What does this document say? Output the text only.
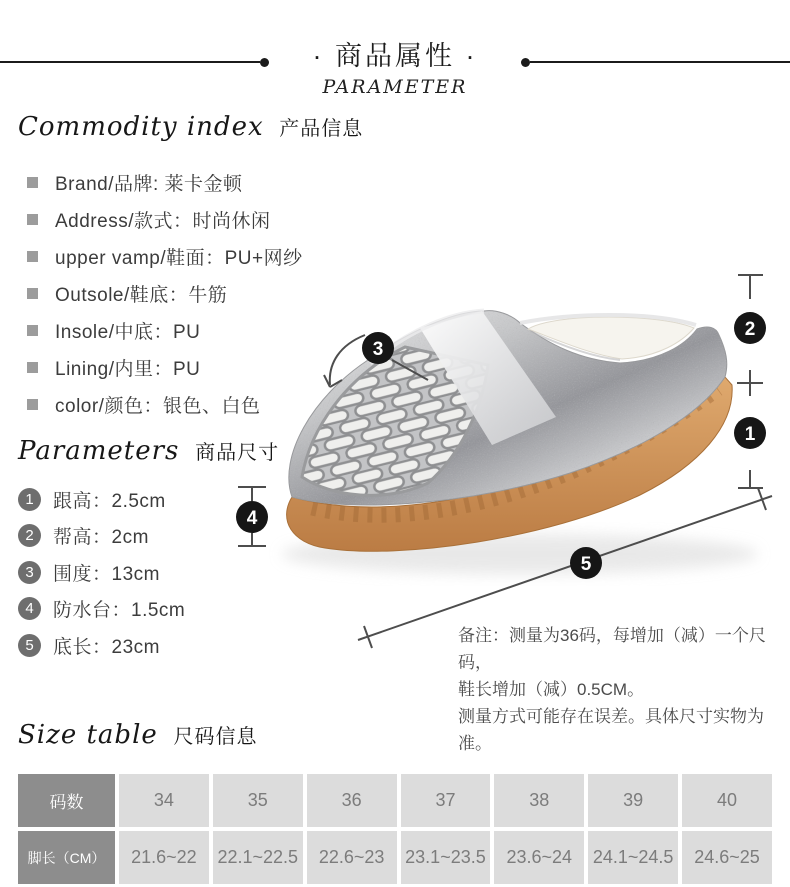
· 商品属性 ·
PARAMETER
Commodity index 产品信息
Brand/品牌: 莱卡金顿
Address/款式：时尚休闲
upper vamp/鞋面：PU+网纱
Outsole/鞋底：牛筋
Insole/中底：PU
Lining/内里：PU
color/颜色：银色、白色
Parameters 商品尺寸
1	跟高：2.5cm
2	帮高：2cm
3	围度：13cm
4	防水台：1.5cm
5	底长：23cm
3
2
1
4
5
备注：测量为36码，每增加（减）一个尺码，
鞋长增加（减）0.5CM。
测量方式可能存在误差。具体尺寸实物为准。
Size table 尺码信息
码数	34	35	36	37	38	39	40
脚长（CM）	21.6~22	22.1~22.5	22.6~23	23.1~23.5	23.6~24	24.1~24.5	24.6~25
